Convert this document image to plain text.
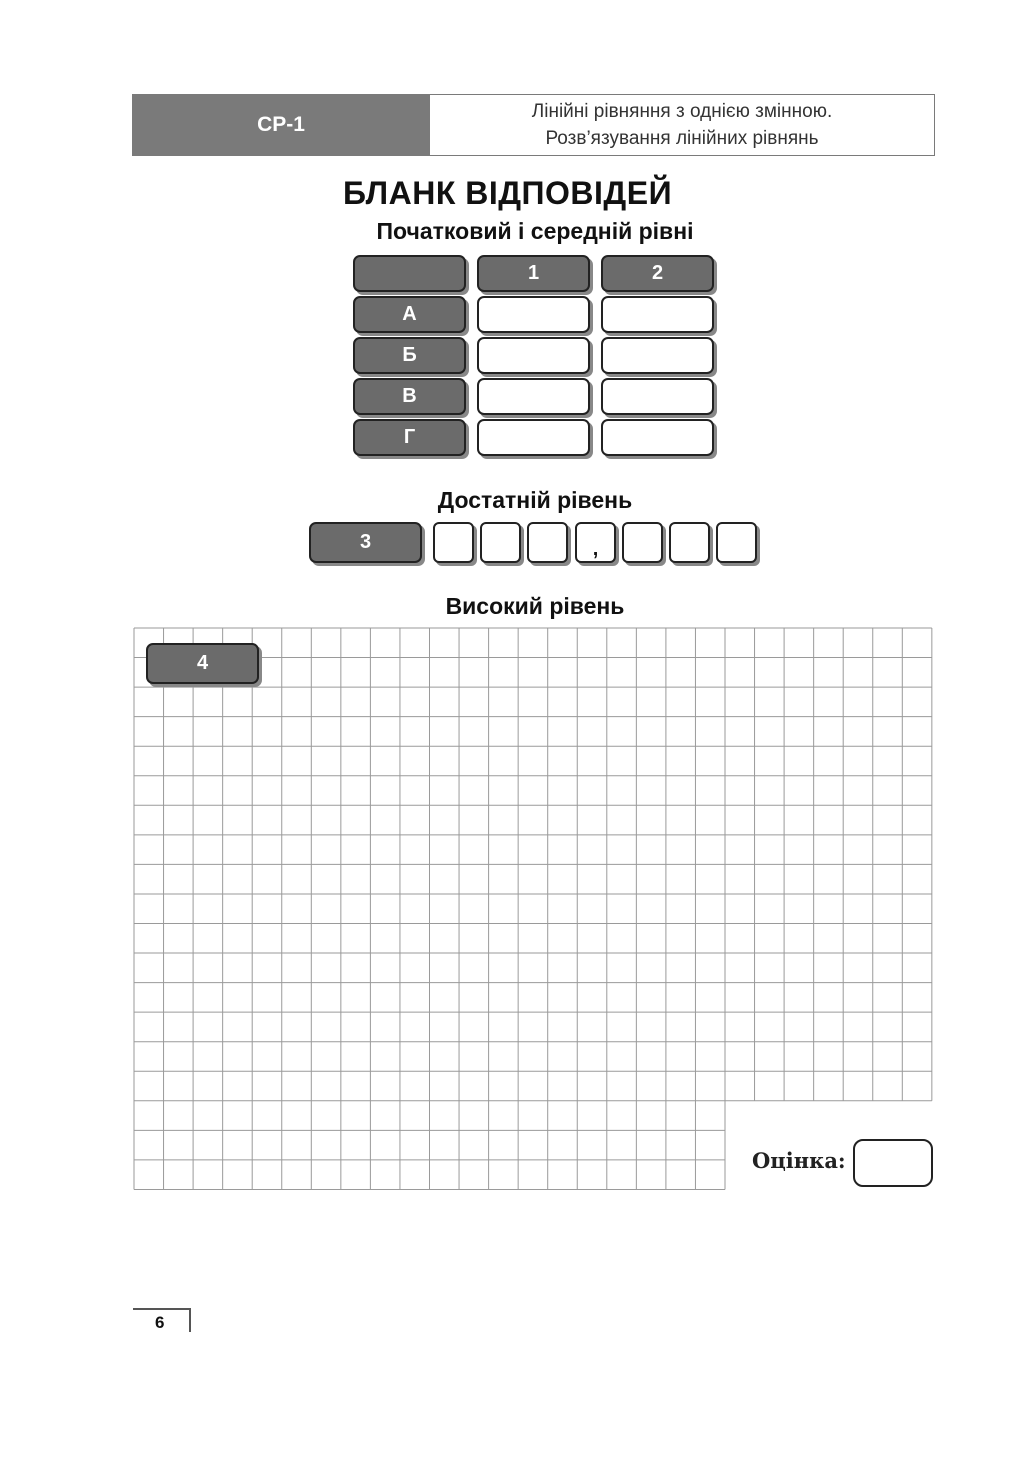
СР-1
Лінійні рівняння з однією змінною.
Розв’язування лінійних рівнянь
БЛАНК ВІДПОВІДЕЙ
Початковий і середній рівні
1	2
А
Б
В
Г
Достатній рівень
3	,
Високий рівень
4
Оцінка:
6
